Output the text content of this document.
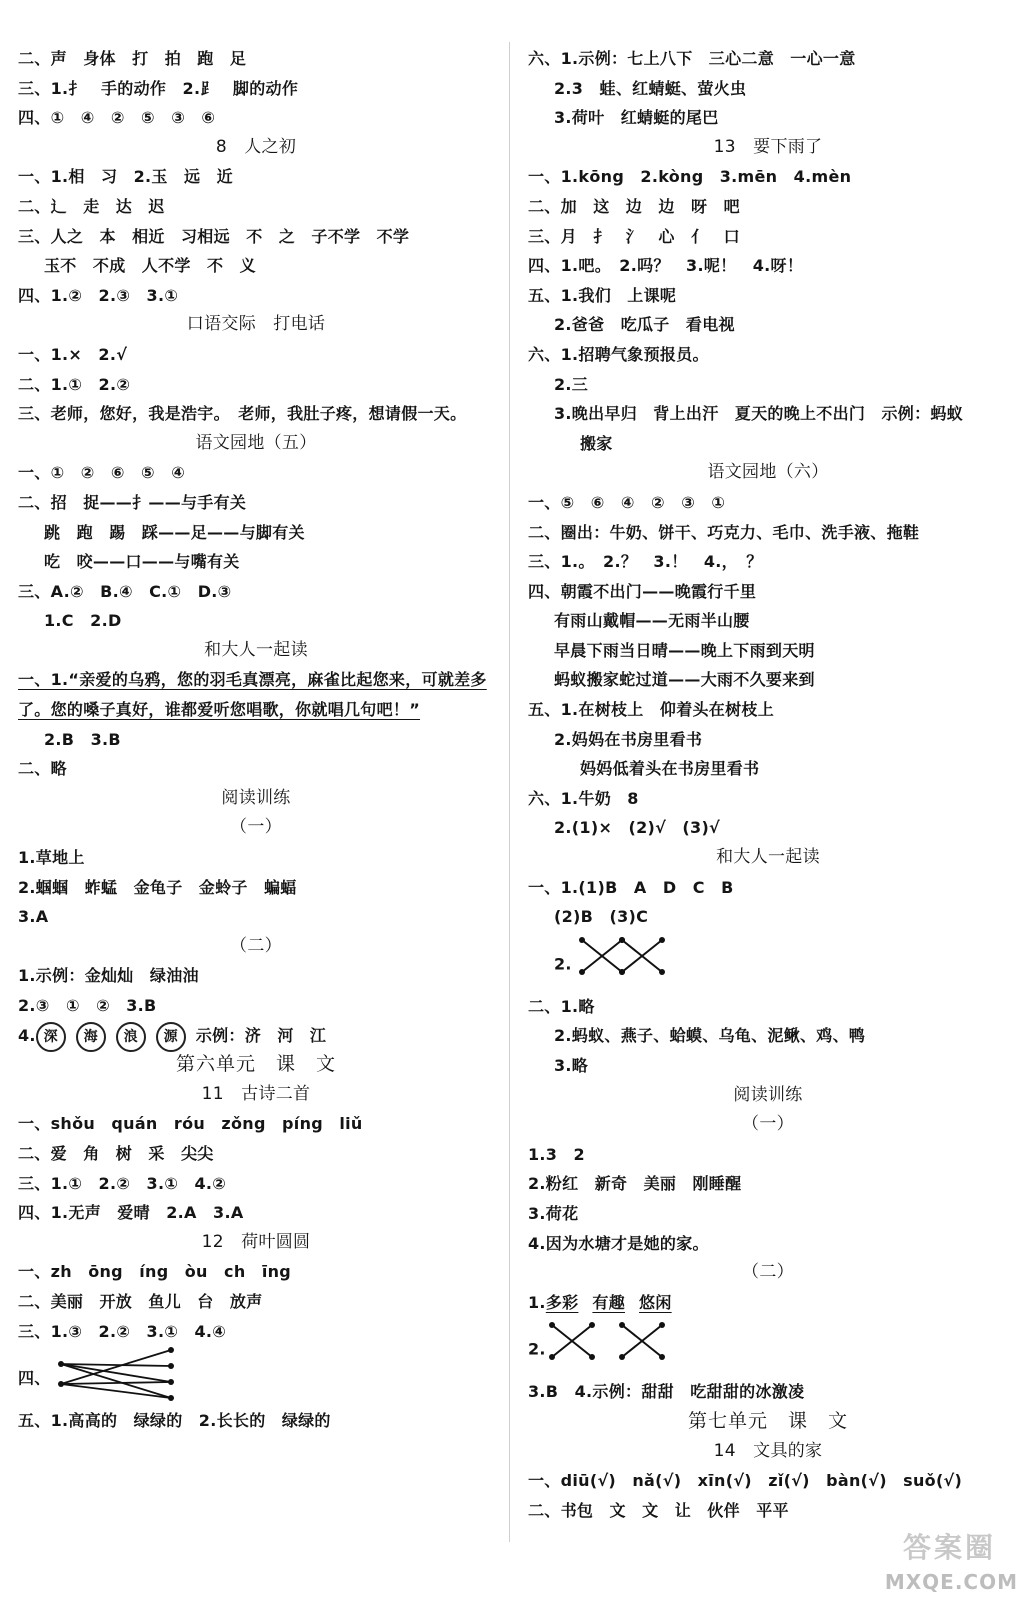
二、声　身体　打　拍　跑　足
三、1.扌　手的动作　2.⻊　脚的动作
四、①　④　②　⑤　③　⑥
8　人之初
一、1.相　习　2.玉　远　近
二、辶　走　达　迟
三、人之　本　相近　习相远　不　之　子不学　不学
玉不　不成　人不学　不　义
四、1.②　2.③　3.①
口语交际　打电话
一、1.×　2.√
二、1.①　2.②
三、老师，您好，我是浩宇。　老师，我肚子疼，想请假一天。
语文园地（五）
一、①　②　⑥　⑤　④
二、招　捉——扌——与手有关
跳　跑　踢　踩——足——与脚有关
吃　咬——口——与嘴有关
三、A.②　B.④　C.①　D.③
1.C　2.D
和大人一起读
一、1.“亲爱的乌鸦，您的羽毛真漂亮，麻雀比起您来，可就差多了。您的嗓子真好，谁都爱听您唱歌，你就唱几句吧！”
2.B　3.B
二、略
阅读训练
（一）
1.草地上
2.蝈蝈　蚱蜢　金龟子　金蛉子　蝙蝠
3.A
（二）
1.示例：金灿灿　绿油油
2.③　①　②　3.B
4. 深 海 浪 源 示例：济　河　江
第六单元　课　文
11　古诗二首
一、shǒu　quán　róu　zǒng　píng　liǔ
二、爱　角　树　采　尖尖
三、1.①　2.②　3.①　4.②
四、1.无声　爱晴　2.A　3.A
12　荷叶圆圆
一、zh　ōng　íng　òu　ch　īng
二、美丽　开放　鱼儿　台　放声
三、1.③　2.②　3.①　4.④
四、
五、1.高高的　绿绿的　2.长长的　绿绿的
六、1.示例：七上八下　三心二意　一心一意
2.3　蛙、红蜻蜓、萤火虫
3.荷叶　红蜻蜓的尾巴
13　要下雨了
一、1.kōng　2.kòng　3.mēn　4.mèn
二、加　这　边　边　呀　吧
三、月　扌　氵　心　亻　口
四、1.吧。　2.吗？　3.呢！　4.呀！
五、1.我们　上课呢
2.爸爸　吃瓜子　看电视
六、1.招聘气象预报员。
2.三
3.晚出早归　背上出汗　夏天的晚上不出门　示例：蚂蚁
搬家
语文园地（六）
一、⑤　⑥　④　②　③　①
二、圈出：牛奶、饼干、巧克力、毛巾、洗手液、拖鞋
三、1.。　2.？　3.！　4.，　？
四、朝霞不出门——晚霞行千里
有雨山戴帽——无雨半山腰
早晨下雨当日晴——晚上下雨到天明
蚂蚁搬家蛇过道——大雨不久要来到
五、1.在树枝上　仰着头在树枝上
2.妈妈在书房里看书
妈妈低着头在书房里看书
六、1.牛奶　8
2.(1)×　(2)√　(3)√
和大人一起读
一、1.(1)B　A　D　C　B
(2)B　(3)C
2.
二、1.略
2.蚂蚁、燕子、蛤蟆、乌龟、泥鳅、鸡、鸭
3.略
阅读训练
（一）
1.3　2
2.粉红　新奇　美丽　刚睡醒
3.荷花
4.因为水塘才是她的家。
（二）
1.多彩 有趣 悠闲
2.
3.B　4.示例：甜甜　吃甜甜的冰激凌
第七单元　课　文
14　文具的家
一、diū(√)　nǎ(√)　xīn(√)　zǐ(√)　bàn(√)　suǒ(√)
二、书包　文　文　让　伙伴　平平
答案圈
MXQE.COM
